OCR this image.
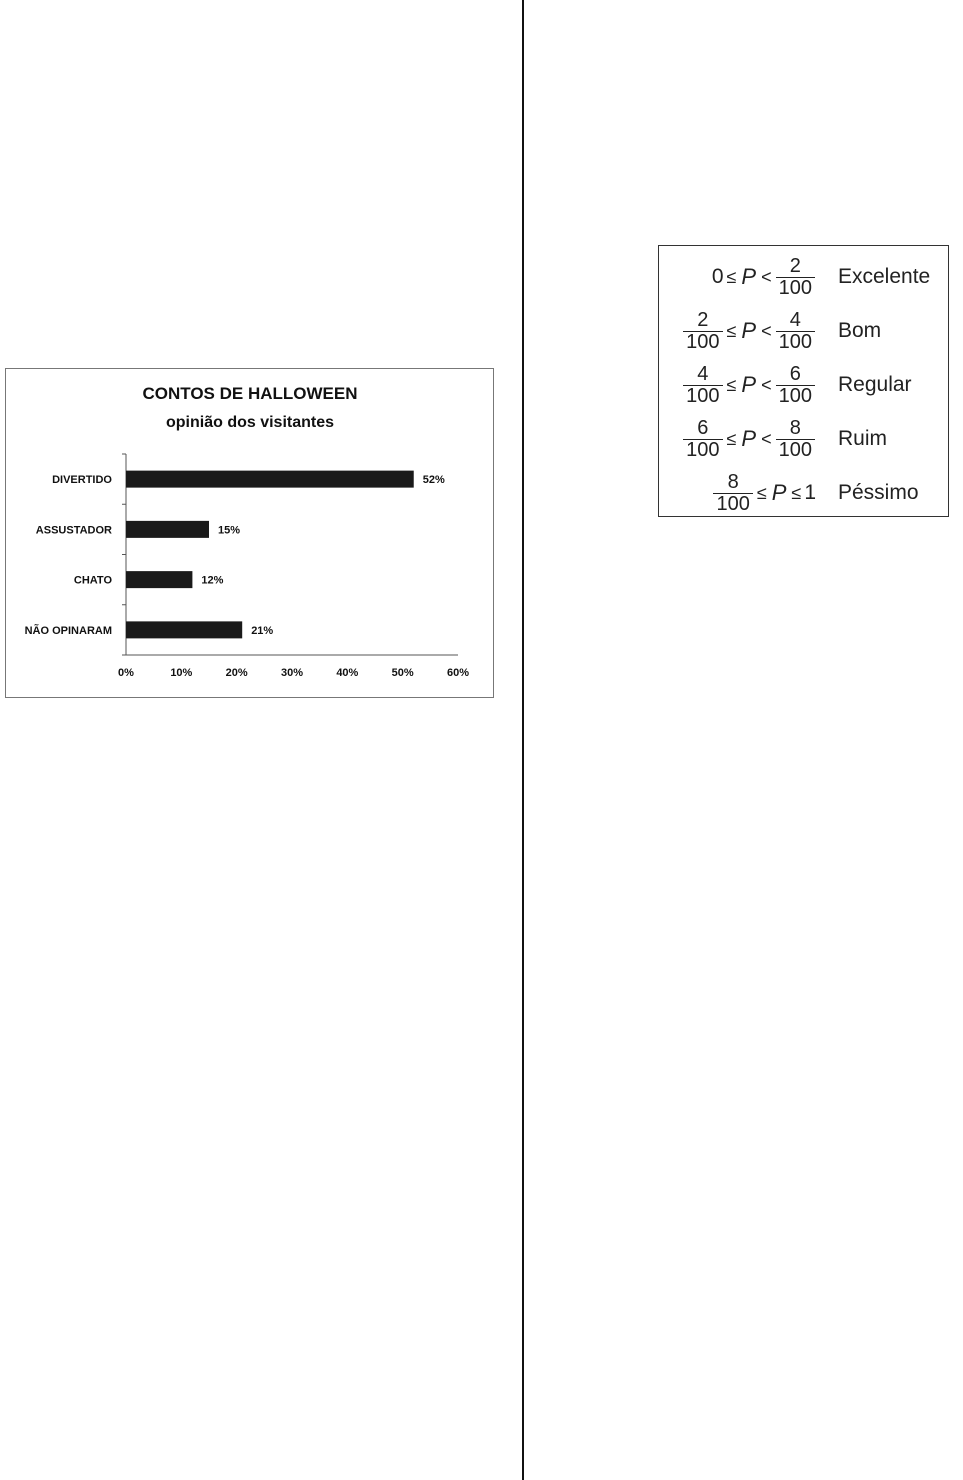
CONTOS DE HALLOWEEN
opinião dos visitantes
DIVERTIDO	52%
ASSUSTADOR	15%
CHATO	12%
NÃO OPINARAM	21%
0%	10%	20%	30%	40%	50%	60%
$0 \le P < \frac{2}{100}$ Excelente
$\frac{2}{100} \le P < \frac{4}{100}$ Bom
$\frac{4}{100} \le P < \frac{6}{100}$ Regular
$\frac{6}{100} \le P < \frac{8}{100}$ Ruim
$\frac{8}{100} \le P \le 1$ Péssimo
